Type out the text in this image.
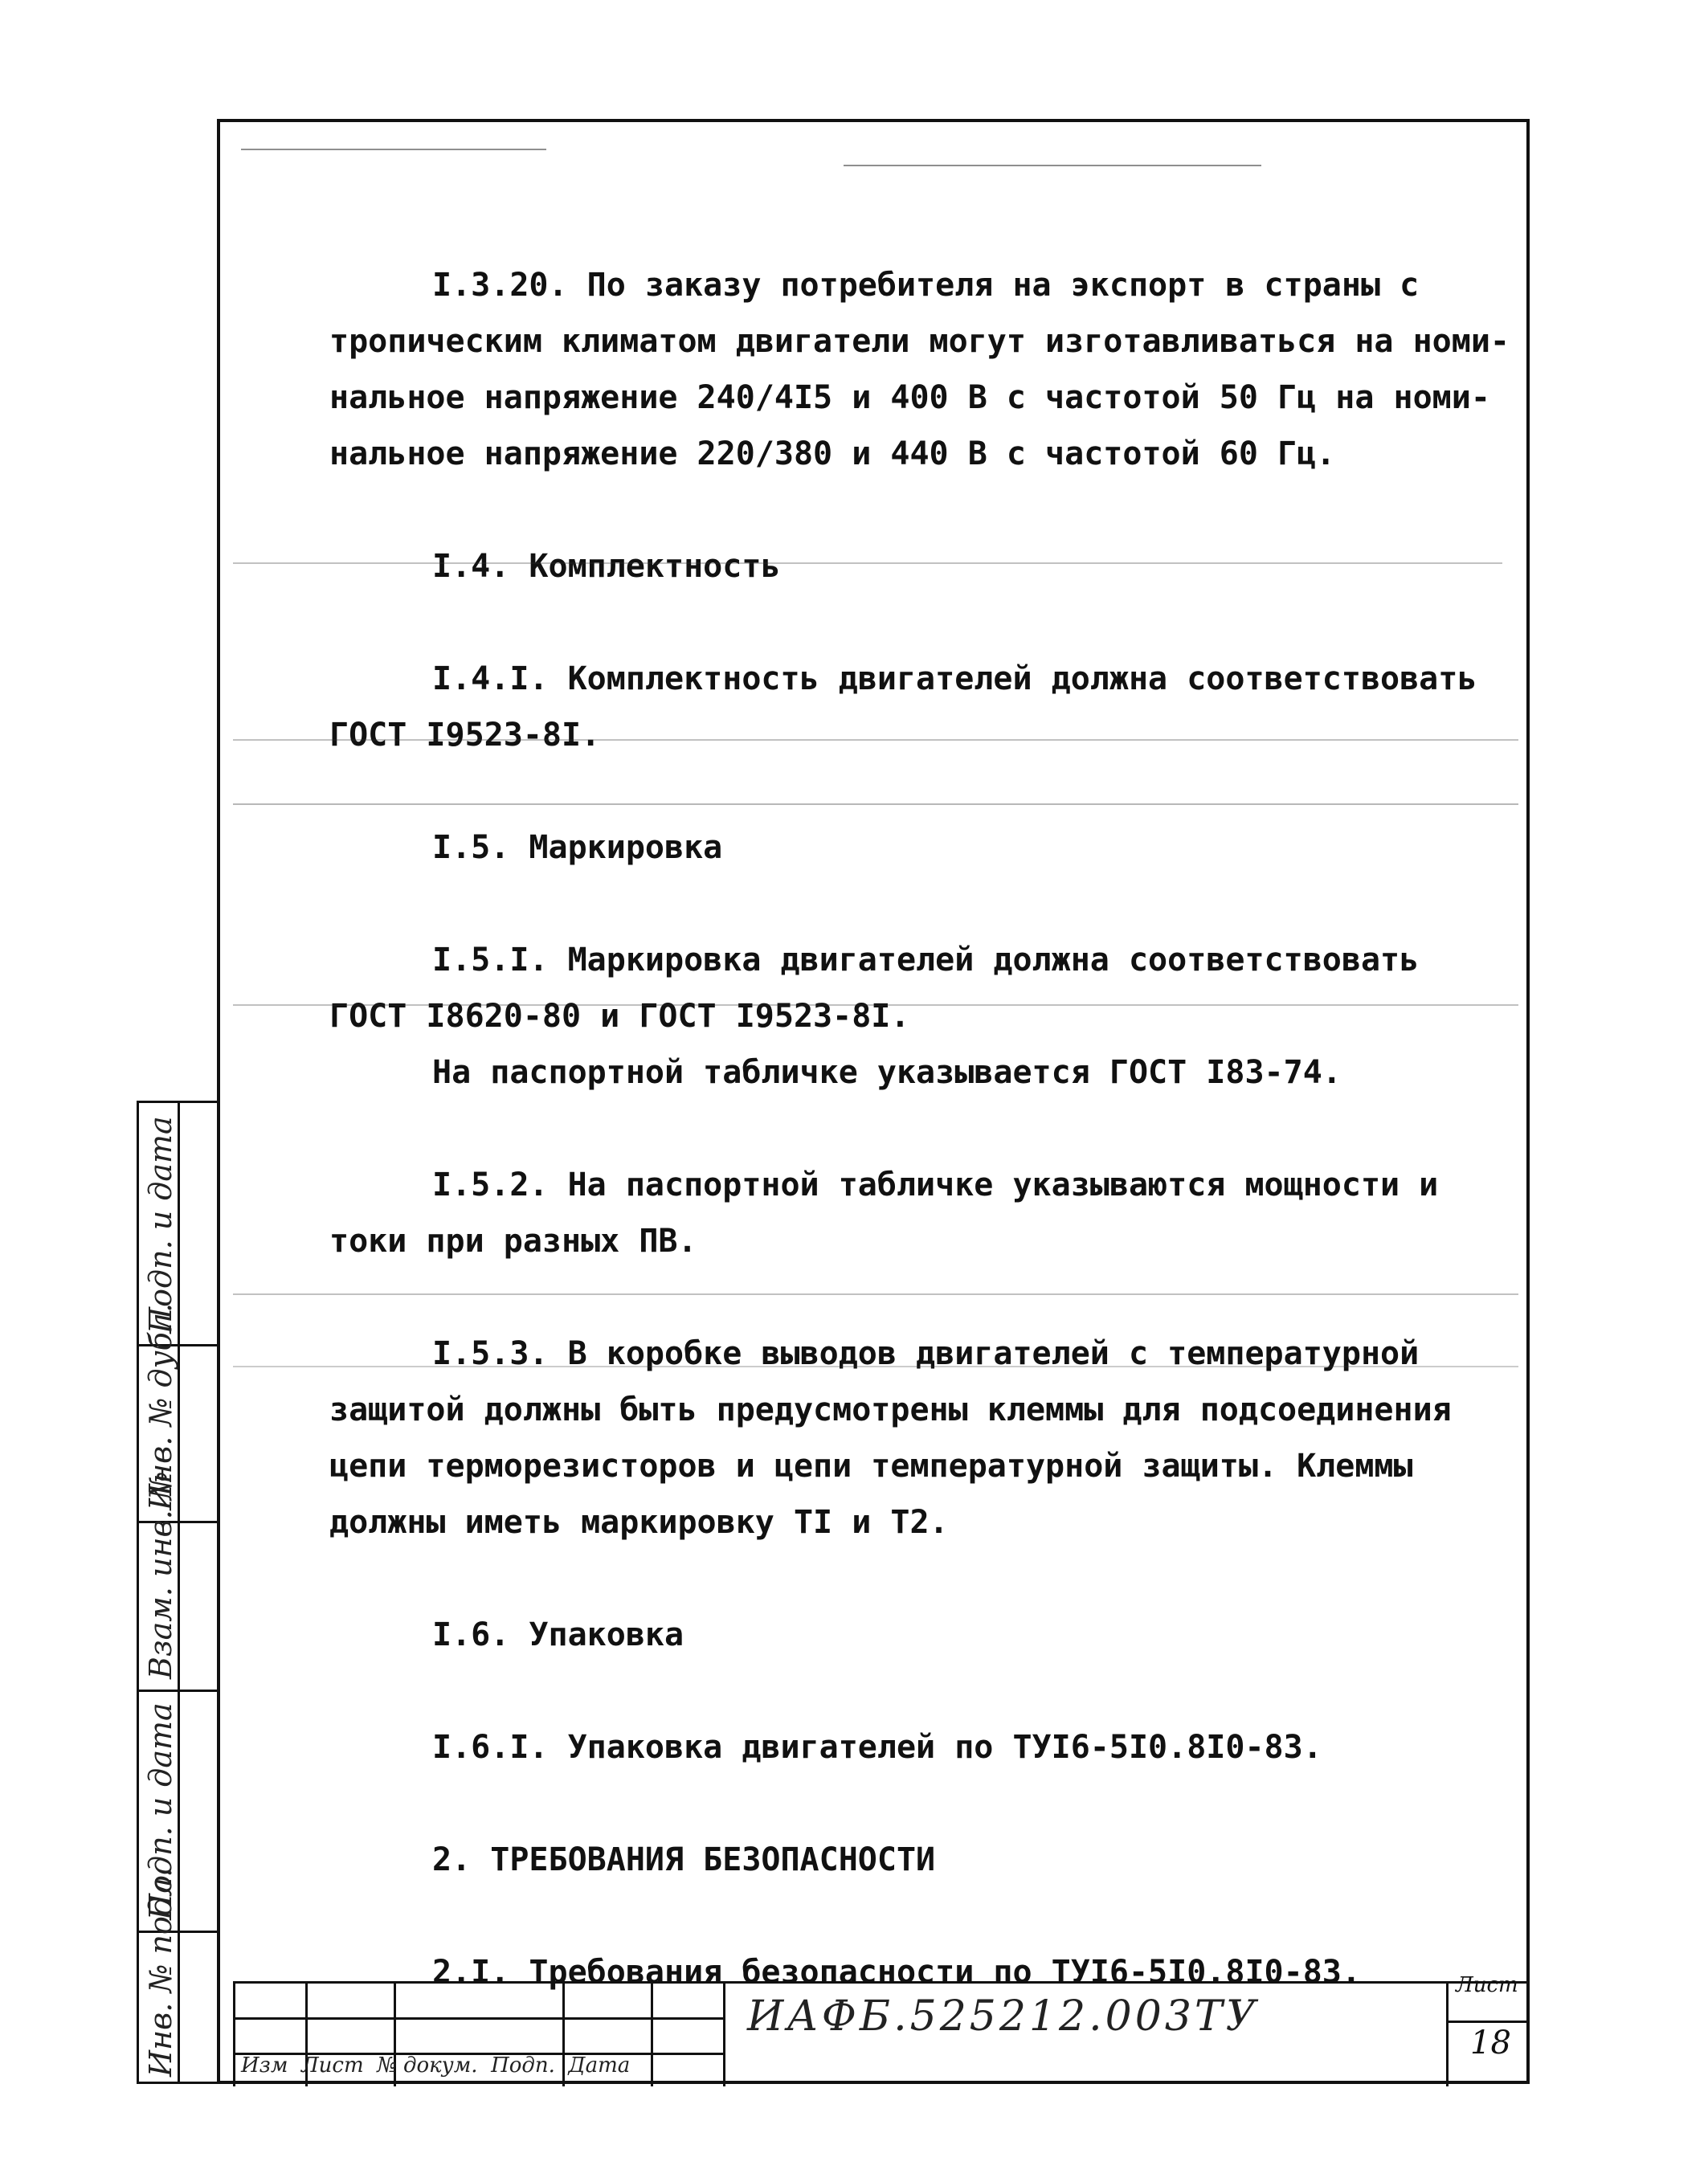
Подп. и дата
Инв. № дубл.
Взам. инв. №
Подп. и дата
Инв. № подл.
I.3.20. По заказу потребителя на экспорт в страны с
тропическим климатом двигатели могут изготавливаться на номи-
нальное напряжение 240/4I5 и 400 В с частотой 50 Гц на номи-
нальное напряжение 220/380 и 440 В с частотой 60 Гц.
I.4. Комплектность
I.4.I. Комплектность двигателей должна соответствовать
ГОСТ I9523-8I.
I.5. Маркировка
I.5.I. Маркировка двигателей должна соответствовать
ГОСТ I8620-80 и ГОСТ I9523-8I.
На паспортной табличке указывается ГОСТ I83-74.
I.5.2. На паспортной табличке указываются мощности и
токи при разных ПВ.
I.5.3. В коробке выводов двигателей с температурной
защитой должны быть предусмотрены клеммы для подсоединения
цепи терморезисторов и цепи температурной защиты. Клеммы
должны иметь маркировку TI и T2.
I.6. Упаковка
I.6.I. Упаковка двигателей по ТУI6-5I0.8I0-83.
2. ТРЕБОВАНИЯ БЕЗОПАСНОСТИ
2.I. Требования безопасности по ТУI6-5I0.8I0-83.
ИАФБ.525212.003ТУ
Лист
18
Изм  Лист  № докум.  Подп.  Дата
